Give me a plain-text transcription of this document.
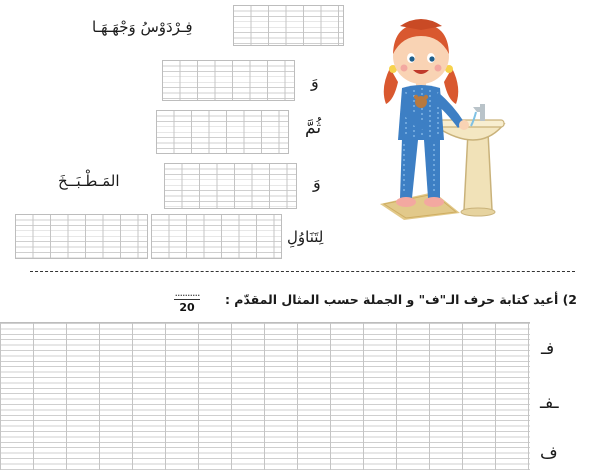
فِـرْدَوْسُ وَجْهَـهَـا
وَ
ثُمَّ
وَ
المَـطْـبَــخَ
لِتَنَاوُلِ
2) أعيد كتابة حرف الـ"ف" و الجملة حسب المثال المقدّم :
..........
20
فـ
ـفـ
ف
